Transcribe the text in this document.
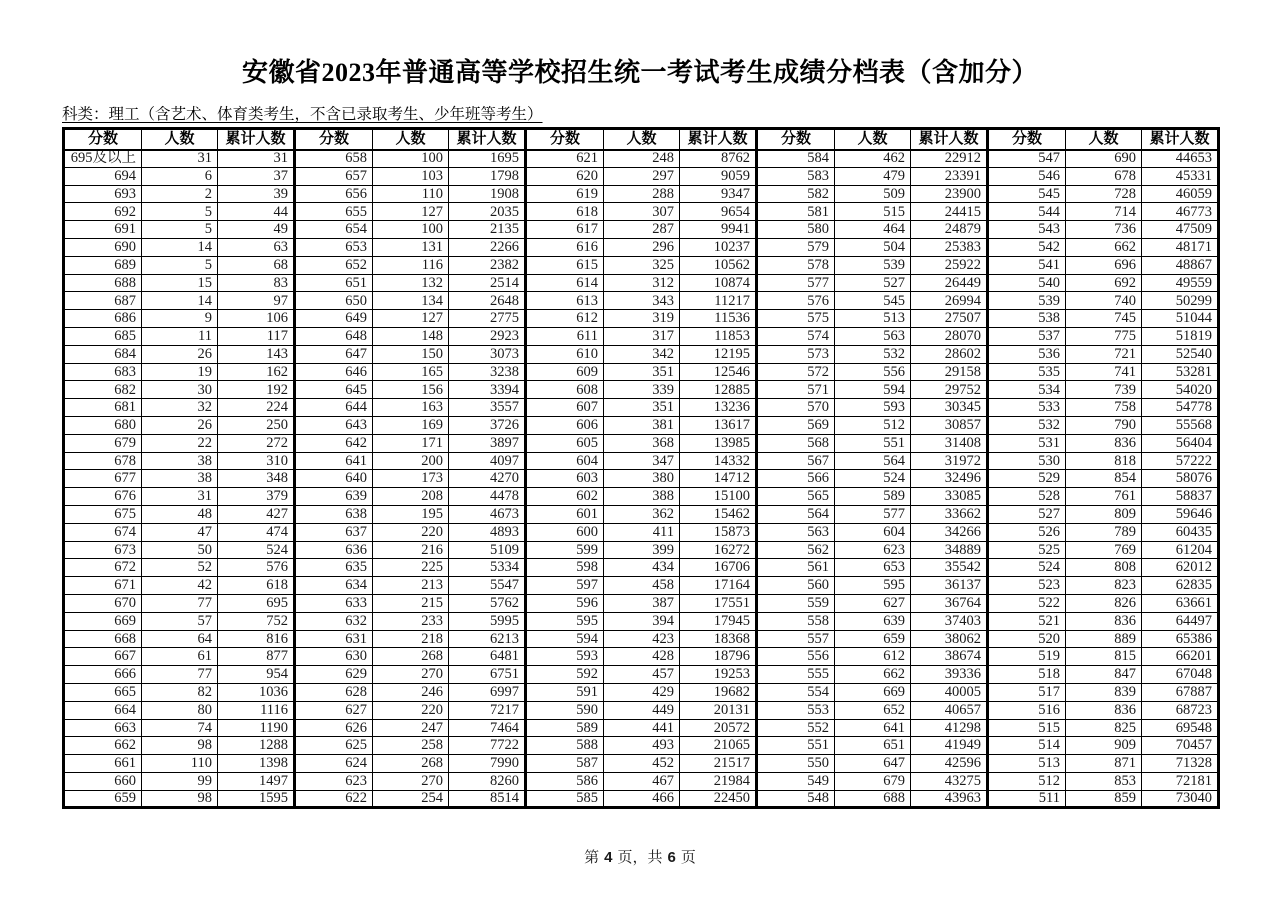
安徽省2023年普通高等学校招生统一考试考生成绩分档表（含加分）
科类：理工（含艺术、体育类考生，不含已录取考生、少年班等考生）
分数	人数	累计人数	分数	人数	累计人数	分数	人数	累计人数	分数	人数	累计人数	分数	人数	累计人数
695及以上	31	31	658	100	1695	621	248	8762	584	462	22912	547	690	44653
694	6	37	657	103	1798	620	297	9059	583	479	23391	546	678	45331
693	2	39	656	110	1908	619	288	9347	582	509	23900	545	728	46059
692	5	44	655	127	2035	618	307	9654	581	515	24415	544	714	46773
691	5	49	654	100	2135	617	287	9941	580	464	24879	543	736	47509
690	14	63	653	131	2266	616	296	10237	579	504	25383	542	662	48171
689	5	68	652	116	2382	615	325	10562	578	539	25922	541	696	48867
688	15	83	651	132	2514	614	312	10874	577	527	26449	540	692	49559
687	14	97	650	134	2648	613	343	11217	576	545	26994	539	740	50299
686	9	106	649	127	2775	612	319	11536	575	513	27507	538	745	51044
685	11	117	648	148	2923	611	317	11853	574	563	28070	537	775	51819
684	26	143	647	150	3073	610	342	12195	573	532	28602	536	721	52540
683	19	162	646	165	3238	609	351	12546	572	556	29158	535	741	53281
682	30	192	645	156	3394	608	339	12885	571	594	29752	534	739	54020
681	32	224	644	163	3557	607	351	13236	570	593	30345	533	758	54778
680	26	250	643	169	3726	606	381	13617	569	512	30857	532	790	55568
679	22	272	642	171	3897	605	368	13985	568	551	31408	531	836	56404
678	38	310	641	200	4097	604	347	14332	567	564	31972	530	818	57222
677	38	348	640	173	4270	603	380	14712	566	524	32496	529	854	58076
676	31	379	639	208	4478	602	388	15100	565	589	33085	528	761	58837
675	48	427	638	195	4673	601	362	15462	564	577	33662	527	809	59646
674	47	474	637	220	4893	600	411	15873	563	604	34266	526	789	60435
673	50	524	636	216	5109	599	399	16272	562	623	34889	525	769	61204
672	52	576	635	225	5334	598	434	16706	561	653	35542	524	808	62012
671	42	618	634	213	5547	597	458	17164	560	595	36137	523	823	62835
670	77	695	633	215	5762	596	387	17551	559	627	36764	522	826	63661
669	57	752	632	233	5995	595	394	17945	558	639	37403	521	836	64497
668	64	816	631	218	6213	594	423	18368	557	659	38062	520	889	65386
667	61	877	630	268	6481	593	428	18796	556	612	38674	519	815	66201
666	77	954	629	270	6751	592	457	19253	555	662	39336	518	847	67048
665	82	1036	628	246	6997	591	429	19682	554	669	40005	517	839	67887
664	80	1116	627	220	7217	590	449	20131	553	652	40657	516	836	68723
663	74	1190	626	247	7464	589	441	20572	552	641	41298	515	825	69548
662	98	1288	625	258	7722	588	493	21065	551	651	41949	514	909	70457
661	110	1398	624	268	7990	587	452	21517	550	647	42596	513	871	71328
660	99	1497	623	270	8260	586	467	21984	549	679	43275	512	853	72181
659	98	1595	622	254	8514	585	466	22450	548	688	43963	511	859	73040
第 4 页，共 6 页
